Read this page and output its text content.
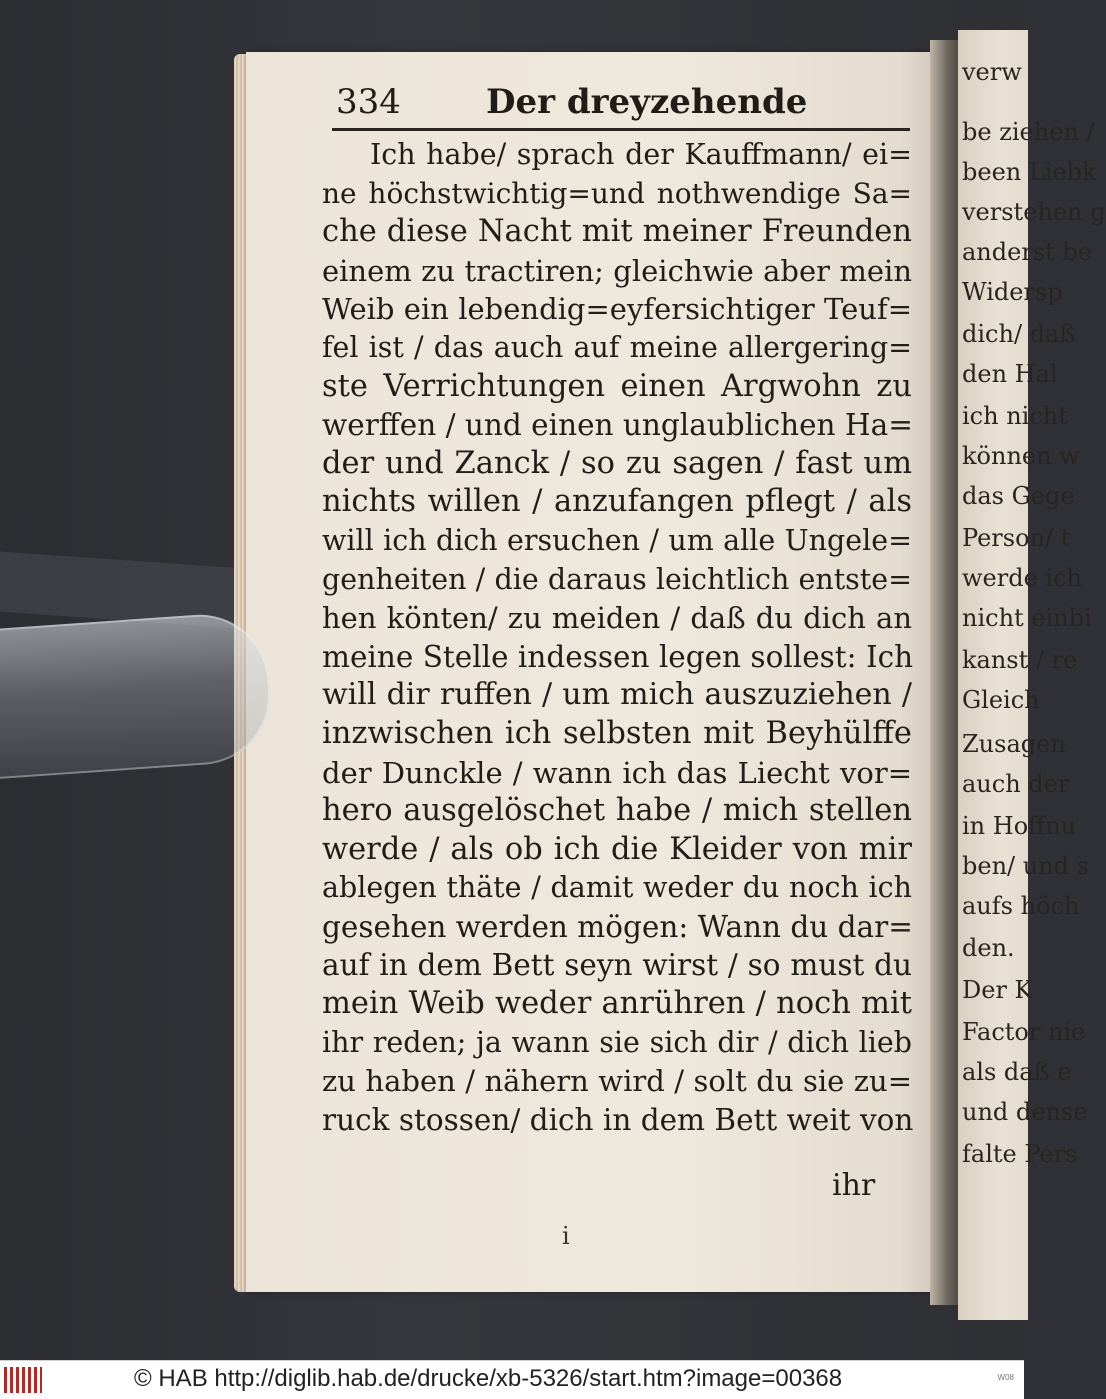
verw
be ziehen /
been Liebk
verstehen g
anderst be
Widersp
dich/ daß
den Hal
ich nicht
können w
das Gege
Person/ t
werde ich
nicht einbi
kanst / re
Gleich
Zusagen
auch der
in Hoffnu
ben/ und s
aufs höch
den.
Der K
Factor nie
als daß e
und dense
falte Pers
334	Der dreyzehende
Ich habe/ sprach der Kauffmann/ ei=
ne höchstwichtig=und nothwendige Sa=
che diese Nacht mit meiner Freunden
einem zu tractiren; gleichwie aber mein
Weib ein lebendig=eyfersichtiger Teuf=
fel ist / das auch auf meine allergering=
ste Verrichtungen einen Argwohn zu
werffen / und einen unglaublichen Ha=
der und Zanck / so zu sagen / fast um
nichts willen / anzufangen pflegt / als
will ich dich ersuchen / um alle Ungele=
genheiten / die daraus leichtlich entste=
hen könten/ zu meiden / daß du dich an
meine Stelle indessen legen sollest: Ich
will dir ruffen / um mich auszuziehen /
inzwischen ich selbsten mit Beyhülffe
der Dunckle / wann ich das Liecht vor=
hero ausgelöschet habe / mich stellen
werde / als ob ich die Kleider von mir
ablegen thäte / damit weder du noch ich
gesehen werden mögen: Wann du dar=
auf in dem Bett seyn wirst / so must du
mein Weib weder anrühren / noch mit
ihr reden; ja wann sie sich dir / dich lieb
zu haben / nähern wird / solt du sie zu=
ruck stossen/ dich in dem Bett weit von
ihr
i
© HAB http://diglib.hab.de/drucke/xb-5326/start.htm?image=00368	W08
